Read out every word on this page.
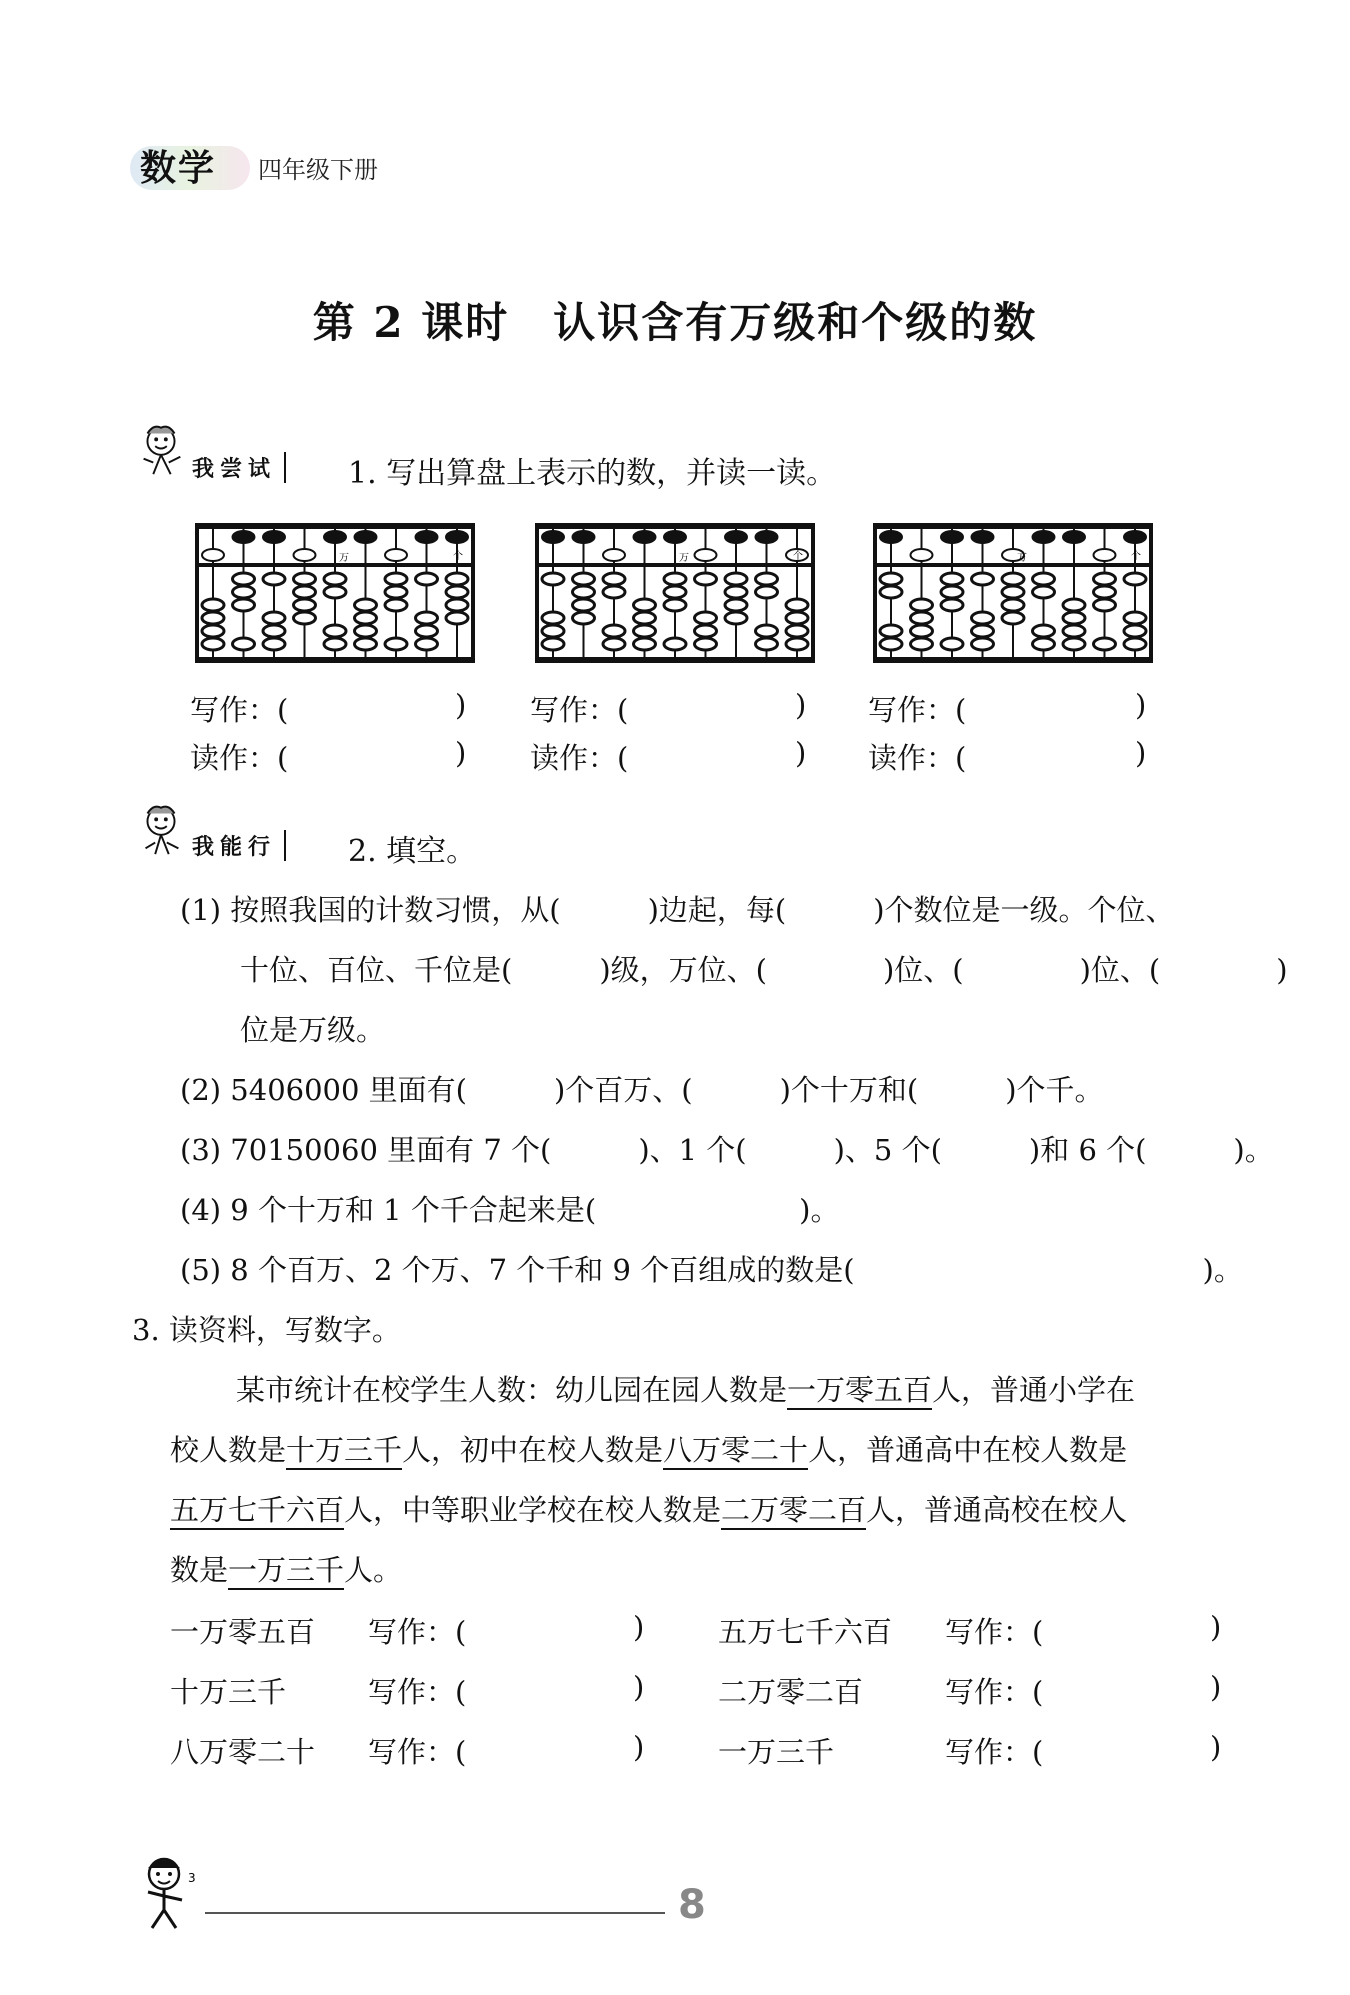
数学 四年级下册
第 2 课时　认识含有万级和个级的数
我尝试	1. 写出算盘上表示的数，并读一读。
万	个	万	个	万	个
写作：(	) 写作：(	) 写作：(	)
读作：(	) 读作：(	) 读作：(	)
我能行	2. 填空。
(1) 按照我国的计数习惯，从(　　　)边起，每(　　　)个数位是一级。个位、
十位、百位、千位是(　　　)级，万位、(　　　　)位、(　　　　)位、(　　　　)
位是万级。
(2) 5406000 里面有(　　　)个百万、(　　　)个十万和(　　　)个千。
(3) 70150060 里面有 7 个(　　　)、1 个(　　　)、5 个(　　　)和 6 个(　　　)。
(4) 9 个十万和 1 个千合起来是(　　　　　　　)。
(5) 8 个百万、2 个万、7 个千和 9 个百组成的数是(　　　　　　　　　　　　)。
3. 读资料，写数字。
某市统计在校学生人数：幼儿园在园人数是一万零五百人，普通小学在
校人数是十万三千人，初中在校人数是八万零二十人，普通高中在校人数是
五万七千六百人，中等职业学校在校人数是二万零二百人，普通高校在校人
数是一万三千人。
一万零五百 写作：(	)	五万七千六百 写作：(	)
十万三千	写作：(	)	二万零二百	写作：(	)
八万零二十 写作：(	)	一万三千	写作：(	)
3
8
